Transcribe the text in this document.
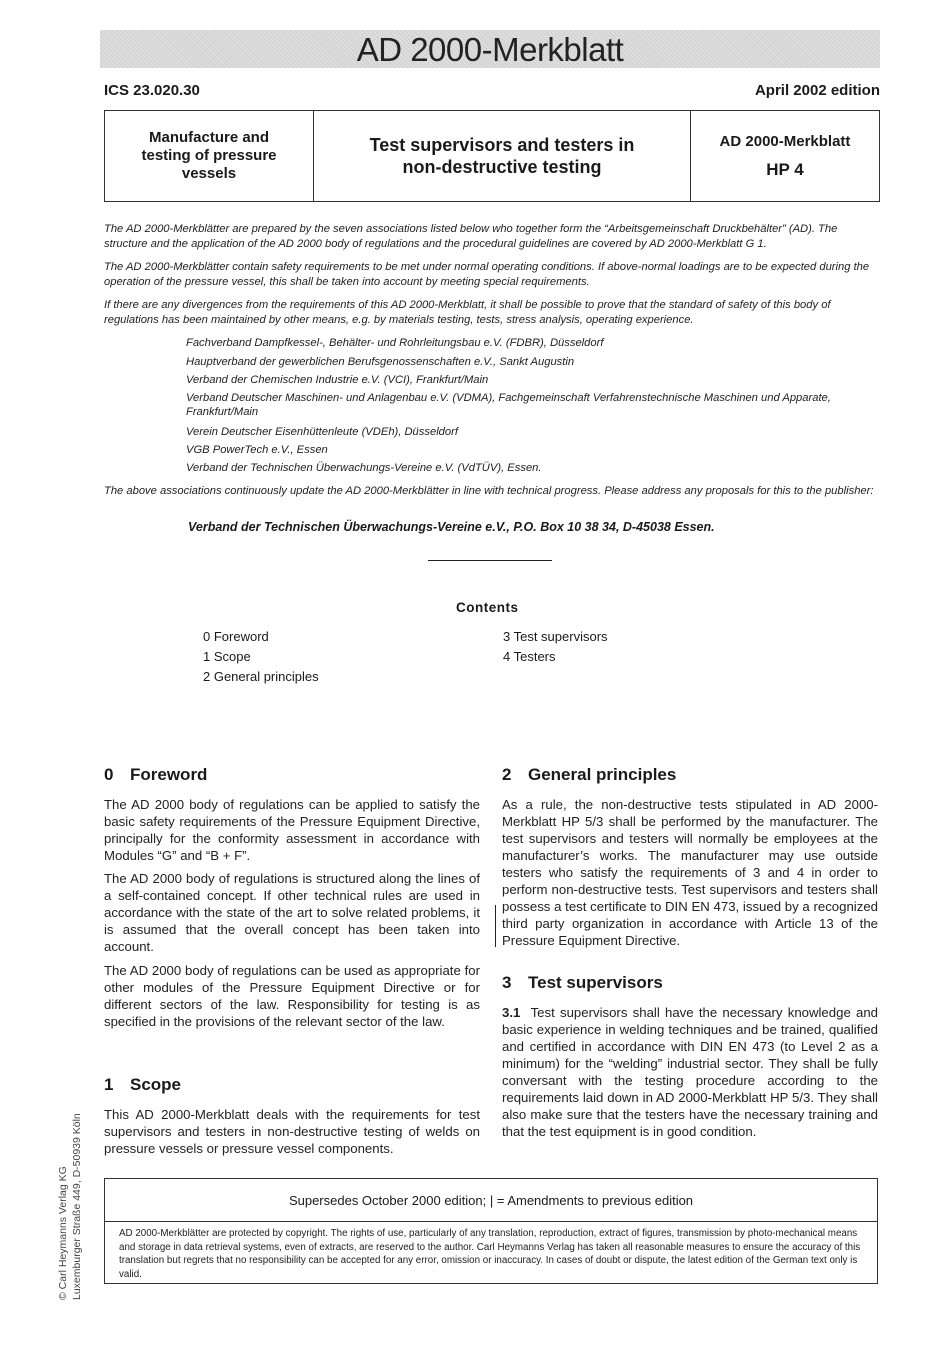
AD 2000-Merkblatt
ICS 23.020.30	April 2002 edition
Manufacture and testing of pressure vessels
Test supervisors and testers in non-destructive testing
AD 2000-Merkblatt
HP 4
The AD 2000-Merkblätter are prepared by the seven associations listed below who together form the “Arbeitsgemeinschaft Druckbehälter” (AD). The structure and the application of the AD 2000 body of regulations and the procedural guidelines are covered by AD 2000-Merkblatt G 1.
The AD 2000-Merkblätter contain safety requirements to be met under normal operating conditions. If above-normal loadings are to be expected during the operation of the pressure vessel, this shall be taken into account by meeting special requirements.
If there are any divergences from the requirements of this AD 2000-Merkblatt, it shall be possible to prove that the standard of safety of this body of regulations has been maintained by other means, e.g. by materials testing, tests, stress analysis, operating experience.
Fachverband Dampfkessel-, Behälter- und Rohrleitungsbau e.V. (FDBR), Düsseldorf
Hauptverband der gewerblichen Berufsgenossenschaften e.V., Sankt Augustin
Verband der Chemischen Industrie e.V. (VCI), Frankfurt/Main
Verband Deutscher Maschinen- und Anlagenbau e.V. (VDMA), Fachgemeinschaft Verfahrenstechnische Maschinen und Apparate, Frankfurt/Main
Verein Deutscher Eisenhüttenleute (VDEh), Düsseldorf
VGB PowerTech e.V., Essen
Verband der Technischen Überwachungs-Vereine e.V. (VdTÜV), Essen.
The above associations continuously update the AD 2000-Merkblätter in line with technical progress. Please address any proposals for this to the publisher:
Verband der Technischen Überwachungs-Vereine e.V., P.O. Box 10 38 34, D-45038 Essen.
Contents
0 Foreword
1 Scope
2 General principles
3 Test supervisors
4 Testers
0 Foreword
The AD 2000 body of regulations can be applied to satisfy the basic safety requirements of the Pressure Equipment Directive, principally for the conformity assessment in accordance with Modules “G” and “B + F”.
The AD 2000 body of regulations is structured along the lines of a self-contained concept. If other technical rules are used in accordance with the state of the art to solve related problems, it is assumed that the overall concept has been taken into account.
The AD 2000 body of regulations can be used as appropriate for other modules of the Pressure Equipment Directive or for different sectors of the law. Responsibility for testing is as specified in the provisions of the relevant sector of the law.
1 Scope
This AD 2000-Merkblatt deals with the requirements for test supervisors and testers in non-destructive testing of welds on pressure vessels or pressure vessel components.
2 General principles
As a rule, the non-destructive tests stipulated in AD 2000-Merkblatt HP 5/3 shall be performed by the manufacturer. The test supervisors and testers will normally be employees at the manufacturer’s works. The manufacturer may use outside testers who satisfy the requirements of 3 and 4 in order to perform non-destructive tests. Test supervisors and testers shall possess a test certificate to DIN EN 473, issued by a recognized third party organization in accordance with Article 13 of the Pressure Equipment Directive.
3 Test supervisors
3.1 Test supervisors shall have the necessary knowledge and basic experience in welding techniques and be trained, qualified and certified in accordance with DIN EN 473 (to Level 2 as a minimum) for the “welding” industrial sector. They shall be fully conversant with the testing procedure according to the requirements laid down in AD 2000-Merkblatt HP 5/3. They shall also make sure that the testers have the necessary training and that the test equipment is in good condition.
© Carl Heymanns Verlag KG Luxemburger Straße 449, D-50939 Köln	Supersedes October 2000 edition; | = Amendments to previous edition
AD 2000-Merkblätter are protected by copyright. The rights of use, particularly of any translation, reproduction, extract of figures, transmission by photo-mechanical means and storage in data retrieval systems, even of extracts, are reserved to the author. Carl Heymanns Verlag has taken all reasonable measures to ensure the accuracy of this translation but regrets that no responsibility can be accepted for any error, omission or inaccuracy. In cases of doubt or dispute, the latest edition of the German text only is valid.
